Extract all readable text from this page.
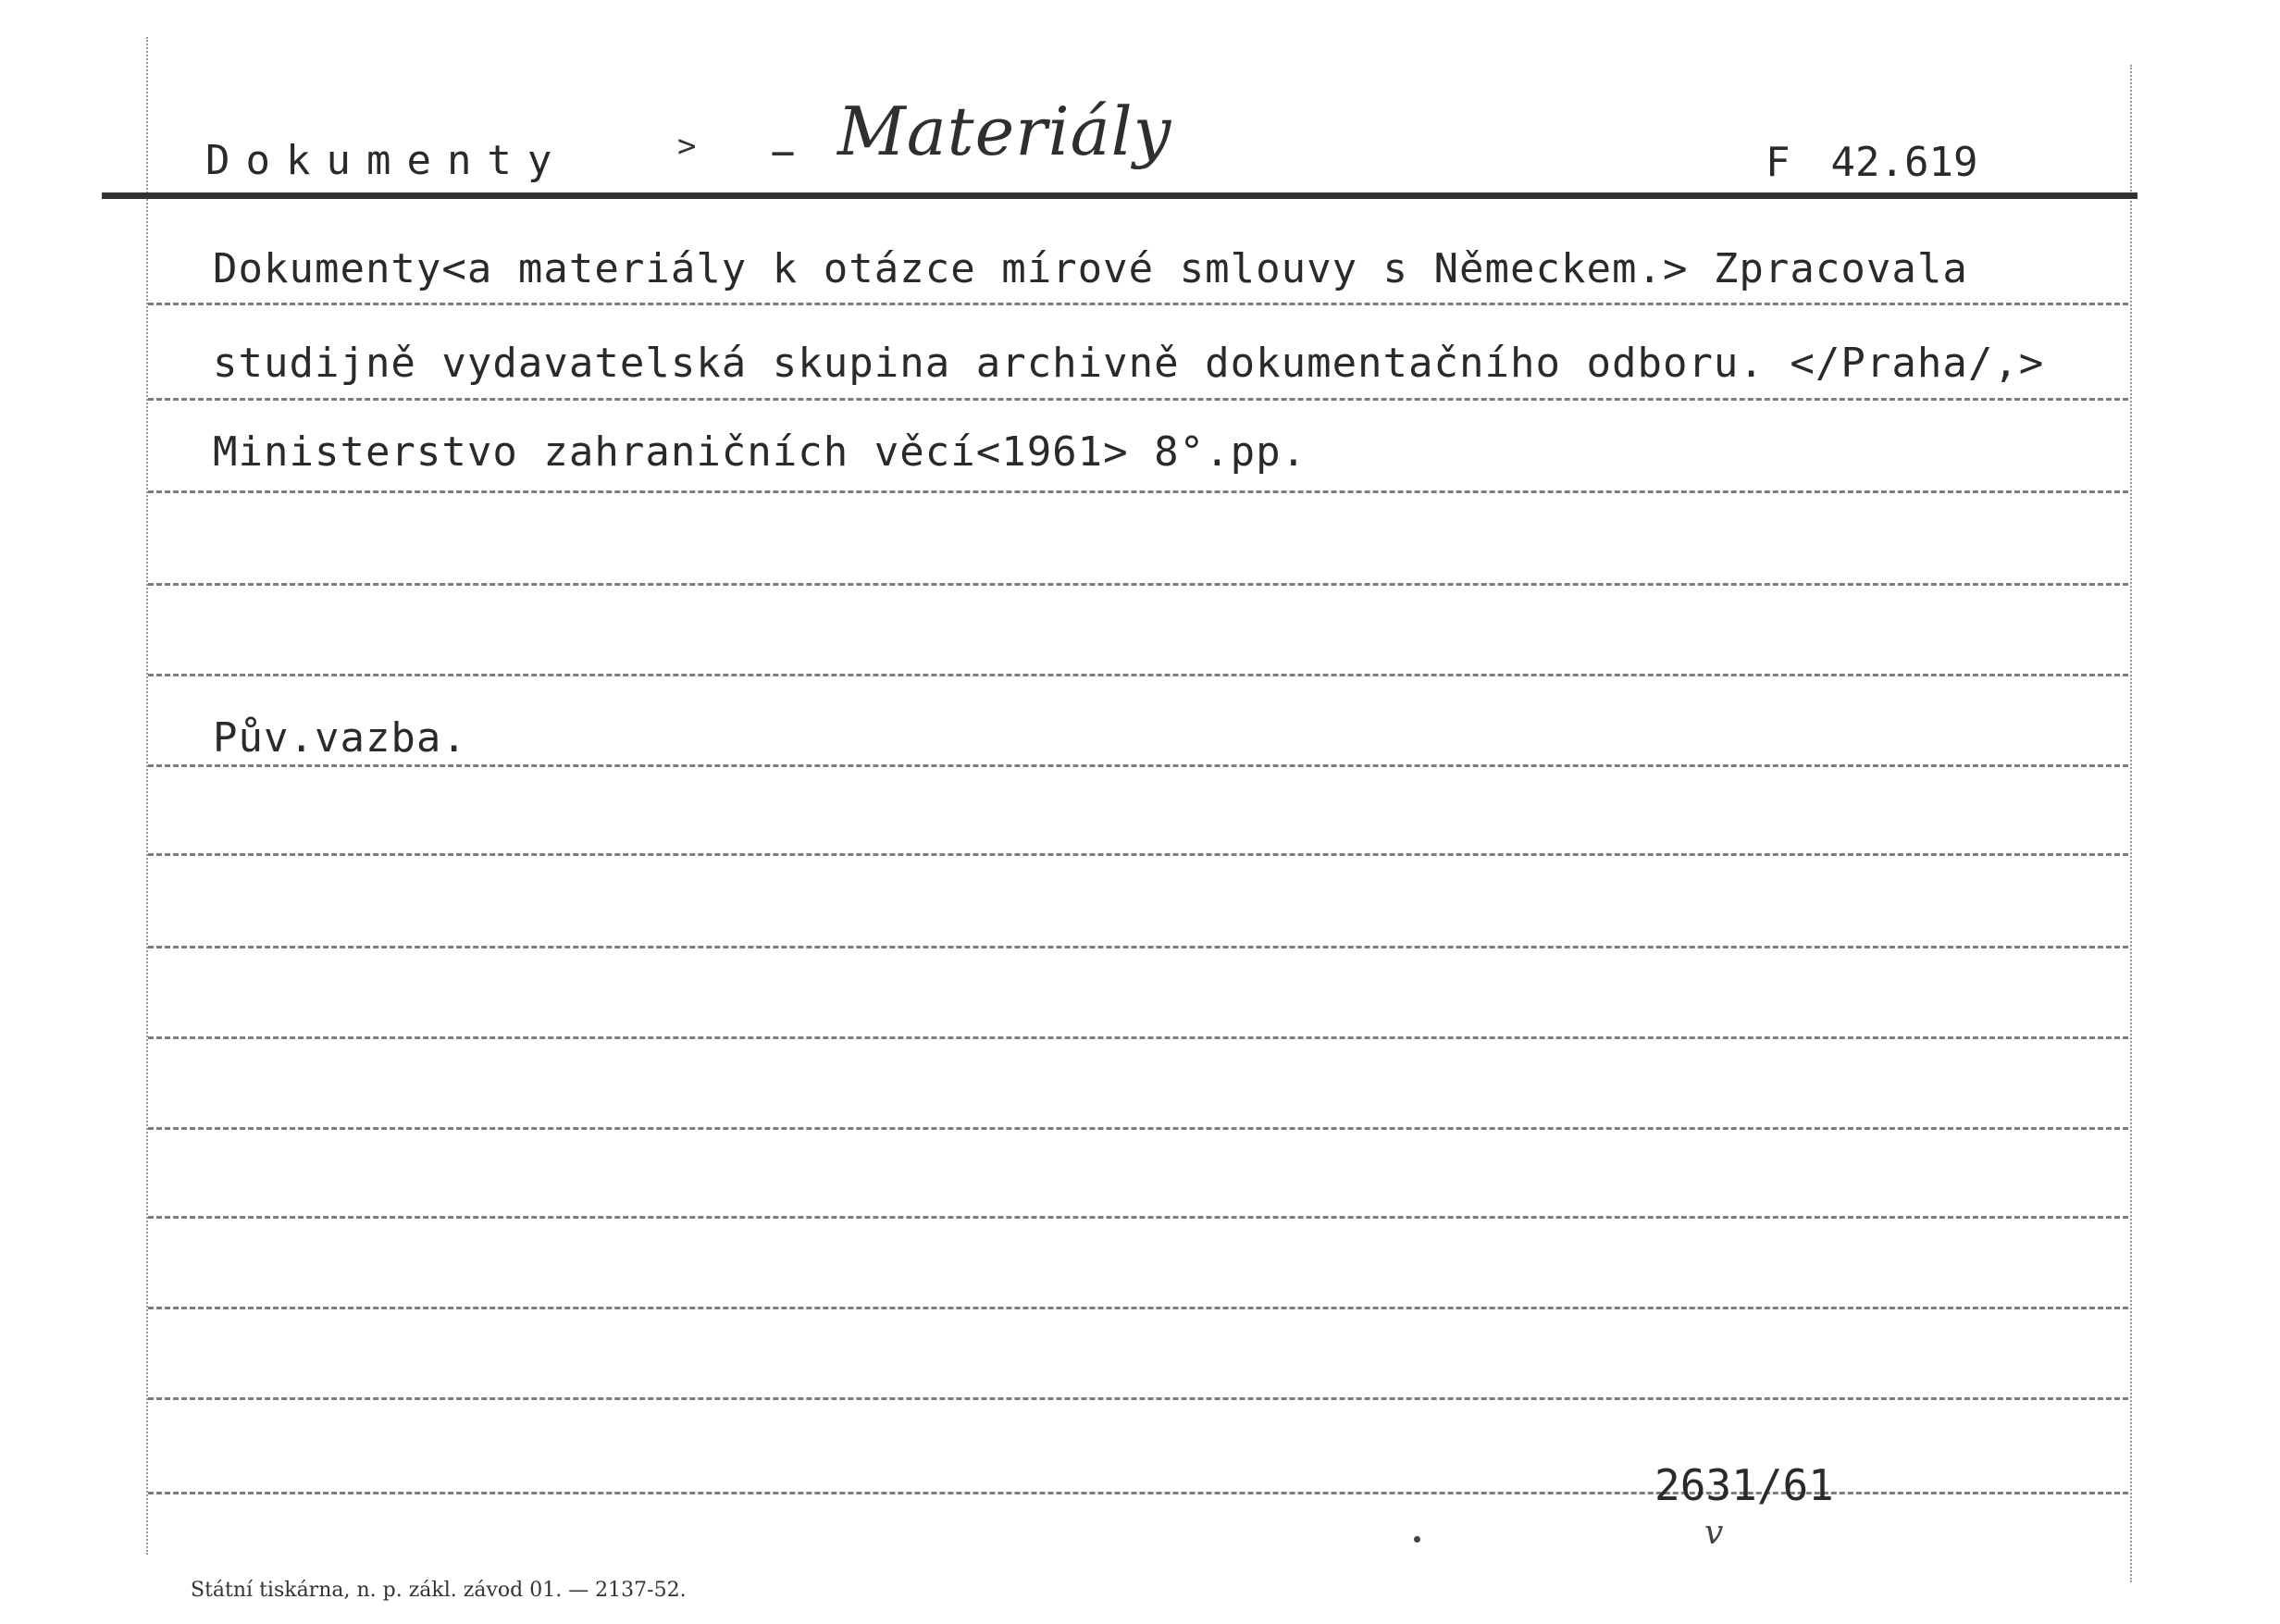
Dokumenty	> – Materiály	F 42.619
Dokumenty<a materiály k otázce mírové smlouvy s Německem.> Zpracovala
studijně vydavatelská skupina archivně dokumentačního odboru. </Praha/,>
Ministerstvo zahraničních věcí<1961> 8°.pp.
Pův.vazba.
2631/61
v
Státní tiskárna, n. p. zákl. závod 01. — 2137-52.
